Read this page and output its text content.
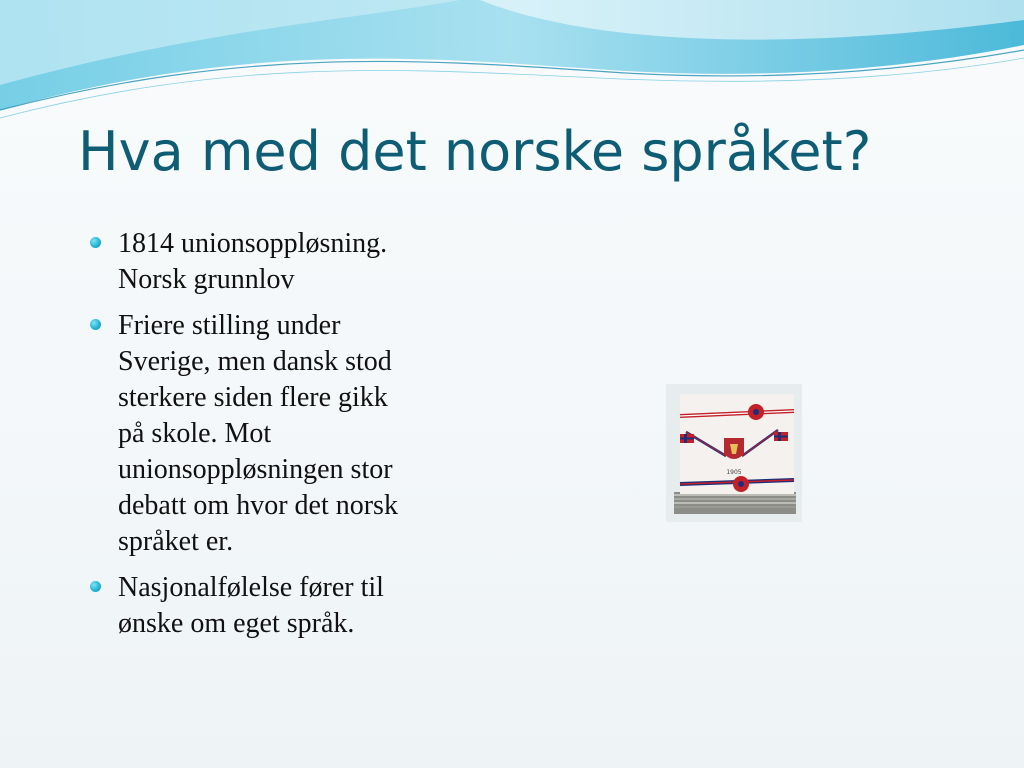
Hva med det norske språket?
1814 unionsoppløsning.
Norsk grunnlov
Friere stilling under
Sverige, men dansk stod
sterkere siden flere gikk
på skole. Mot
unionsoppløsningen stor
debatt om hvor det norsk
språket er.
Nasjonalfølelse fører til
ønske om eget språk.
1905
